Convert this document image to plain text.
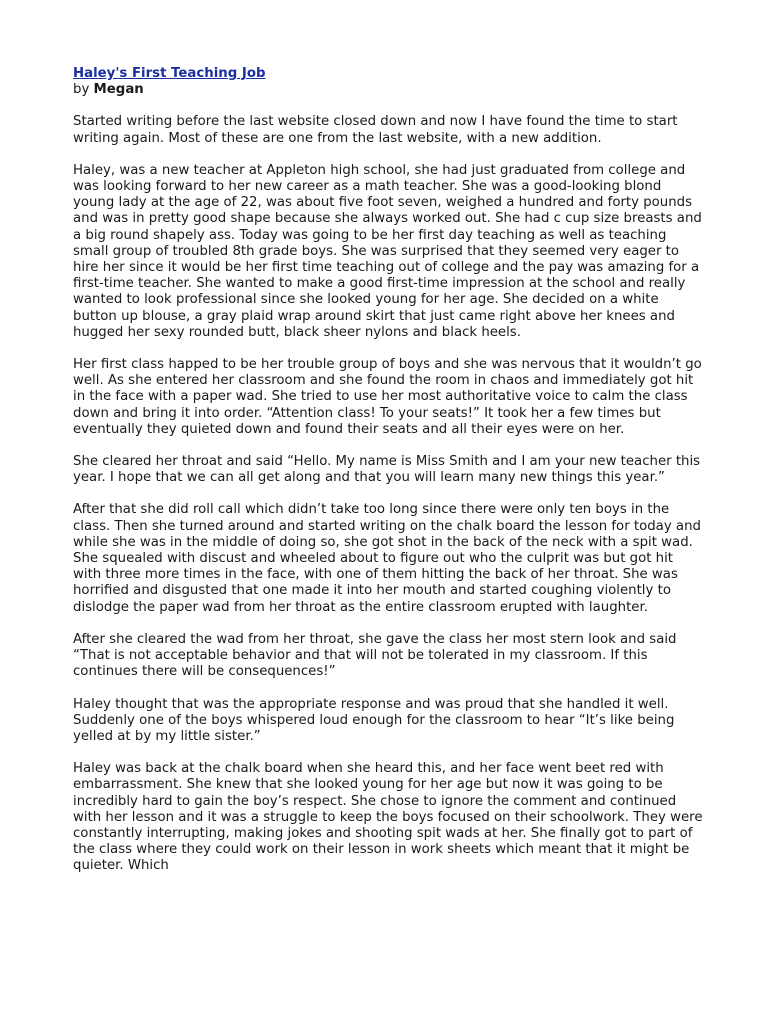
Haley's First Teaching Job
by Megan

Started writing before the last website closed down and now I have found the time to start writing again. Most of these are one from the last website, with a new addition.

Haley, was a new teacher at Appleton high school, she had just graduated from college and was looking forward to her new career as a math teacher. She was a good-looking blond young lady at the age of 22, was about five foot seven, weighed a hundred and forty pounds and was in pretty good shape because she always worked out. She had c cup size breasts and a big round shapely ass. Today was going to be her first day teaching as well as teaching small group of troubled 8th grade boys. She was surprised that they seemed very eager to hire her since it would be her first time teaching out of college and the pay was amazing for a first-time teacher. She wanted to make a good first-time impression at the school and really wanted to look professional since she looked young for her age. She decided on a white button up blouse, a gray plaid wrap around skirt that just came right above her knees and hugged her sexy rounded butt, black sheer nylons and black heels.

Her first class happed to be her trouble group of boys and she was nervous that it wouldn’t go well. As she entered her classroom and she found the room in chaos and immediately got hit in the face with a paper wad. She tried to use her most authoritative voice to calm the class down and bring it into order. “Attention class! To your seats!” It took her a few times but eventually they quieted down and found their seats and all their eyes were on her.

She cleared her throat and said “Hello. My name is Miss Smith and I am your new teacher this year. I hope that we can all get along and that you will learn many new things this year.”

After that she did roll call which didn’t take too long since there were only ten boys in the class. Then she turned around and started writing on the chalk board the lesson for today and while she was in the middle of doing so, she got shot in the back of the neck with a spit wad. She squealed with discust and wheeled about to figure out who the culprit was but got hit with three more times in the face, with one of them hitting the back of her throat. She was horrified and disgusted that one made it into her mouth and started coughing violently to dislodge the paper wad from her throat as the entire classroom erupted with laughter.

After she cleared the wad from her throat, she gave the class her most stern look and said “That is not acceptable behavior and that will not be tolerated in my classroom. If this continues there will be consequences!”

Haley thought that was the appropriate response and was proud that she handled it well. Suddenly one of the boys whispered loud enough for the classroom to hear “It’s like being yelled at by my little sister.”

Haley was back at the chalk board when she heard this, and her face went beet red with embarrassment. She knew that she looked young for her age but now it was going to be incredibly hard to gain the boy’s respect. She chose to ignore the comment and continued with her lesson and it was a struggle to keep the boys focused on their schoolwork. They were constantly interrupting, making jokes and shooting spit wads at her. She finally got to part of the class where they could work on their lesson in work sheets which meant that it might be quieter. Which
